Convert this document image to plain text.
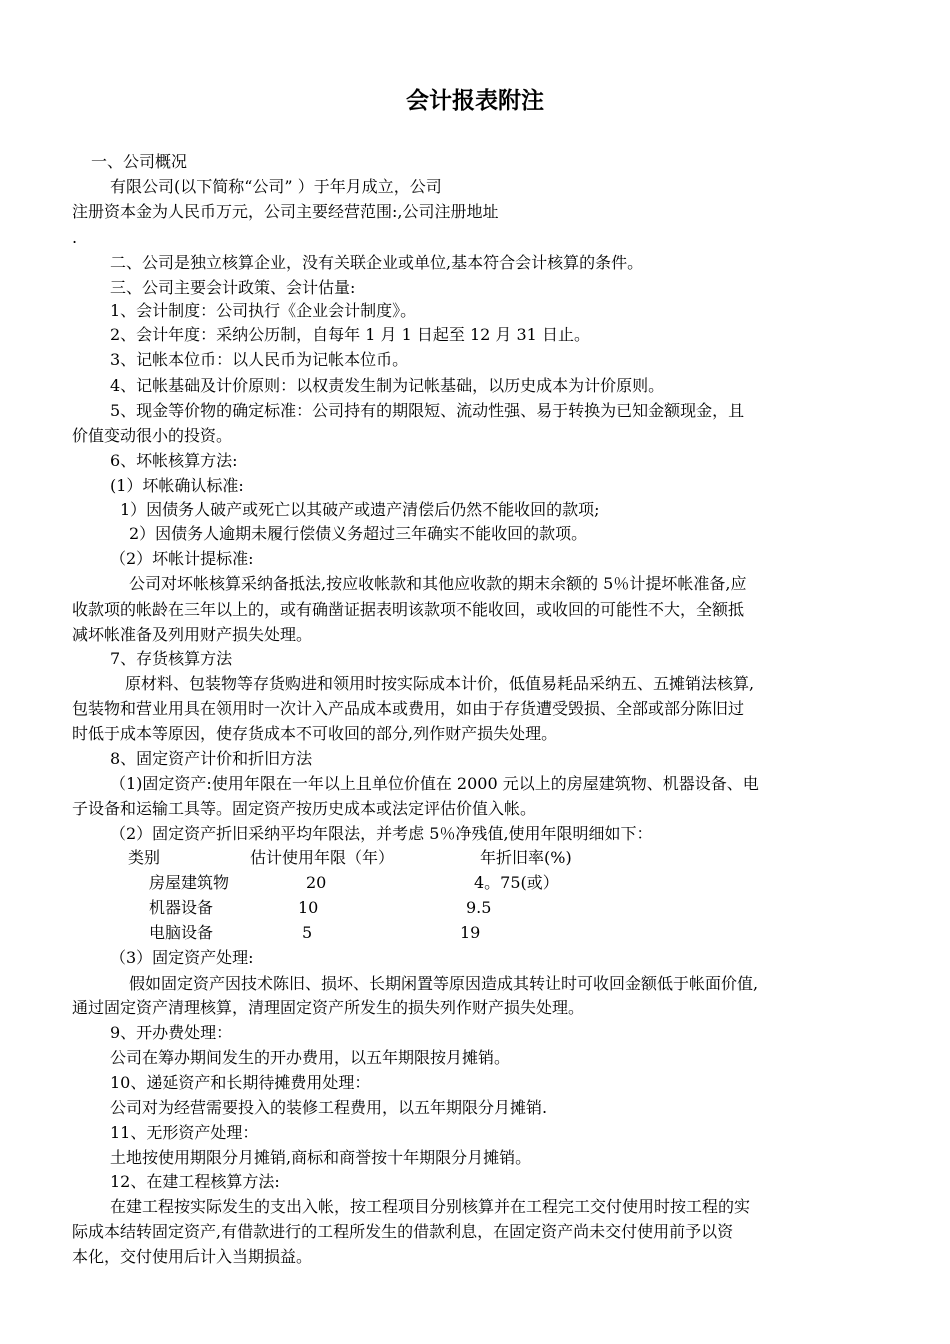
会计报表附注
一、公司概况
有限公司(以下简称“公司” ）于年月成立，公司
注册资本金为人民币万元，公司主要经营范围:,公司注册地址
.
二、公司是独立核算企业，没有关联企业或单位,基本符合会计核算的条件。
三、公司主要会计政策、会计估量:
1、会计制度：公司执行《企业会计制度》。
2、会计年度：采纳公历制，自每年 1 月 1 日起至 12 月 31 日止。
3、记帐本位币：以人民币为记帐本位币。
4、记帐基础及计价原则：以权责发生制为记帐基础，以历史成本为计价原则。
5、现金等价物的确定标准：公司持有的期限短、流动性强、易于转换为已知金额现金，且
价值变动很小的投资。
6、坏帐核算方法:
(1）坏帐确认标准:
1）因债务人破产或死亡以其破产或遗产清偿后仍然不能收回的款项;
2）因债务人逾期未履行偿债义务超过三年确实不能收回的款项。
（2）坏帐计提标准:
公司对坏帐核算采纳备抵法,按应收帐款和其他应收款的期末余额的 5％计提坏帐准备,应
收款项的帐龄在三年以上的，或有确凿证据表明该款项不能收回，或收回的可能性不大，全额抵
减坏帐准备及列用财产损失处理。
7、存货核算方法
原材料、包装物等存货购进和领用时按实际成本计价，低值易耗品采纳五、五摊销法核算,
包装物和营业用具在领用时一次计入产品成本或费用，如由于存货遭受毁损、全部或部分陈旧过
时低于成本等原因，使存货成本不可收回的部分,列作财产损失处理。
8、固定资产计价和折旧方法
（1)固定资产:使用年限在一年以上且单位价值在 2000 元以上的房屋建筑物、机器设备、电
子设备和运输工具等。固定资产按历史成本或法定评估价值入帐。
（2）固定资产折旧采纳平均年限法，并考虑 5％净残值,使用年限明细如下：
类别	估计使用年限（年）	年折旧率(%)
房屋建筑物	20	4。75(或）
机器设备	10	9.5
电脑设备	5	19
（3）固定资产处理:
假如固定资产因技术陈旧、损坏、长期闲置等原因造成其转让时可收回金额低于帐面价值,
通过固定资产清理核算，清理固定资产所发生的损失列作财产损失处理。
9、开办费处理：
公司在筹办期间发生的开办费用，以五年期限按月摊销。
10、递延资产和长期待摊费用处理：
公司对为经营需要投入的装修工程费用，以五年期限分月摊销.
11、无形资产处理：
土地按使用期限分月摊销,商标和商誉按十年期限分月摊销。
12、在建工程核算方法:
在建工程按实际发生的支出入帐，按工程项目分别核算并在工程完工交付使用时按工程的实
际成本结转固定资产,有借款进行的工程所发生的借款利息，在固定资产尚未交付使用前予以资
本化，交付使用后计入当期损益。
